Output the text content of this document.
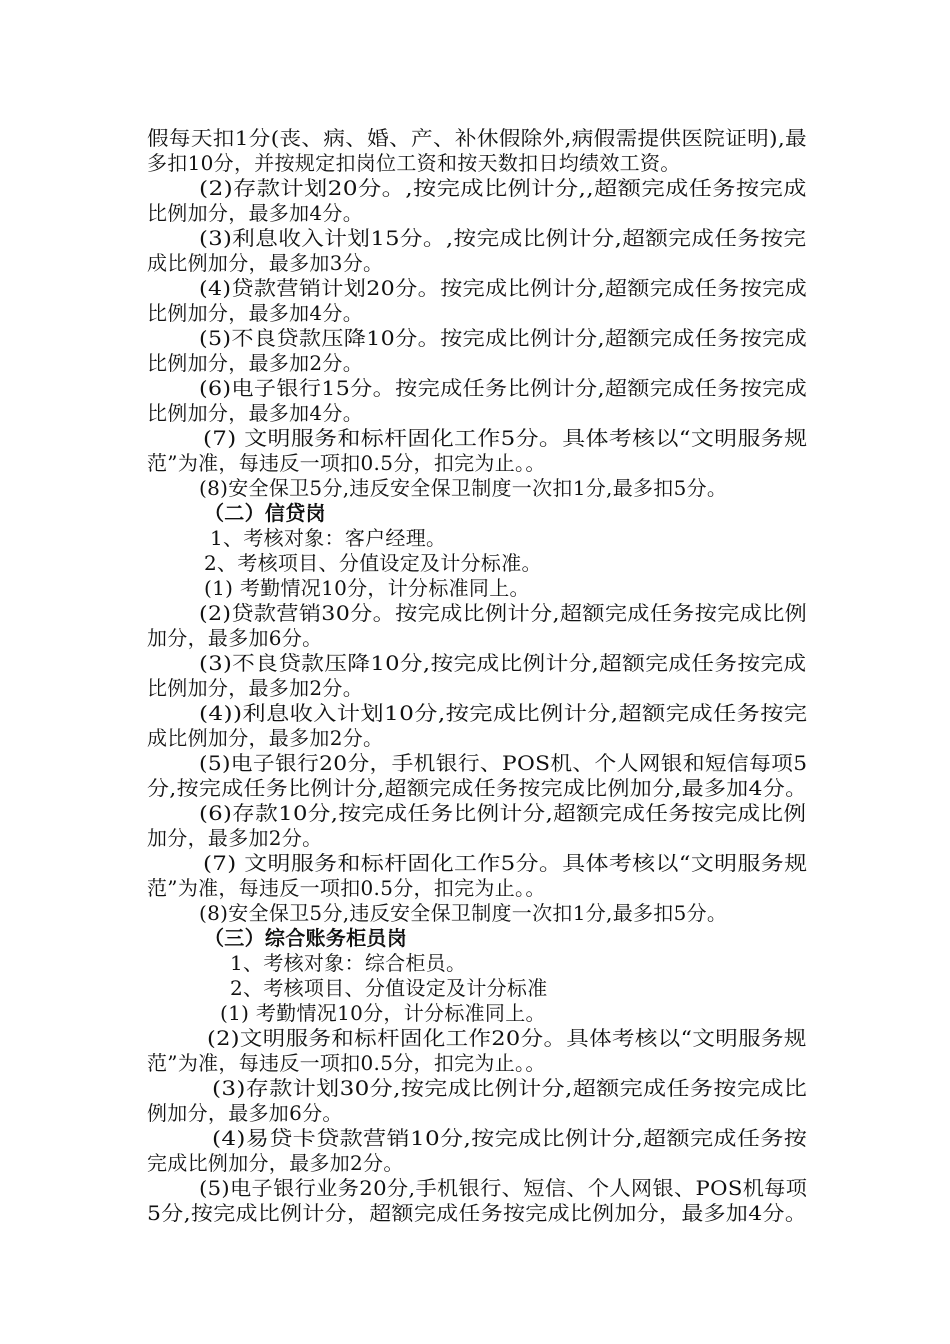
假每天扣1分(丧、病、婚、产、补休假除外,病假需提供医院证明),最
多扣10分，并按规定扣岗位工资和按天数扣日均绩效工资。
(2)存款计划20分。,按完成比例计分,,超额完成任务按完成
比例加分，最多加4分。
(3)利息收入计划15分。,按完成比例计分,超额完成任务按完
成比例加分，最多加3分。
(4)贷款营销计划20分。按完成比例计分,超额完成任务按完成
比例加分，最多加4分。
(5)不良贷款压降10分。按完成比例计分,超额完成任务按完成
比例加分，最多加2分。
(6)电子银行15分。按完成任务比例计分,超额完成任务按完成
比例加分，最多加4分。
(7) 文明服务和标杆固化工作5分。具体考核以“文明服务规
范”为准，每违反一项扣0.5分，扣完为止。。
(8)安全保卫5分,违反安全保卫制度一次扣1分,最多扣5分。
（二）信贷岗
1、考核对象：客户经理。
2、考核项目、分值设定及计分标准。
(1) 考勤情况10分，计分标准同上。
(2)贷款营销30分。按完成比例计分,超额完成任务按完成比例
加分，最多加6分。
(3)不良贷款压降10分,按完成比例计分,超额完成任务按完成
比例加分，最多加2分。
(4))利息收入计划10分,按完成比例计分,超额完成任务按完
成比例加分，最多加2分。
(5)电子银行20分，手机银行、POS机、个人网银和短信每项5
分,按完成任务比例计分,超额完成任务按完成比例加分,最多加4分。
(6)存款10分,按完成任务比例计分,超额完成任务按完成比例
加分，最多加2分。
(7) 文明服务和标杆固化工作5分。具体考核以“文明服务规
范”为准，每违反一项扣0.5分，扣完为止。。
(8)安全保卫5分,违反安全保卫制度一次扣1分,最多扣5分。
（三）综合账务柜员岗
1、考核对象：综合柜员。
2、考核项目、分值设定及计分标准
(1) 考勤情况10分，计分标准同上。
(2)文明服务和标杆固化工作20分。具体考核以“文明服务规
范”为准，每违反一项扣0.5分，扣完为止。。
(3)存款计划30分,按完成比例计分,超额完成任务按完成比
例加分，最多加6分。
(4)易贷卡贷款营销10分,按完成比例计分,超额完成任务按
完成比例加分，最多加2分。
(5)电子银行业务20分,手机银行、短信、个人网银、POS机每项
5分,按完成比例计分，超额完成任务按完成比例加分，最多加4分。
